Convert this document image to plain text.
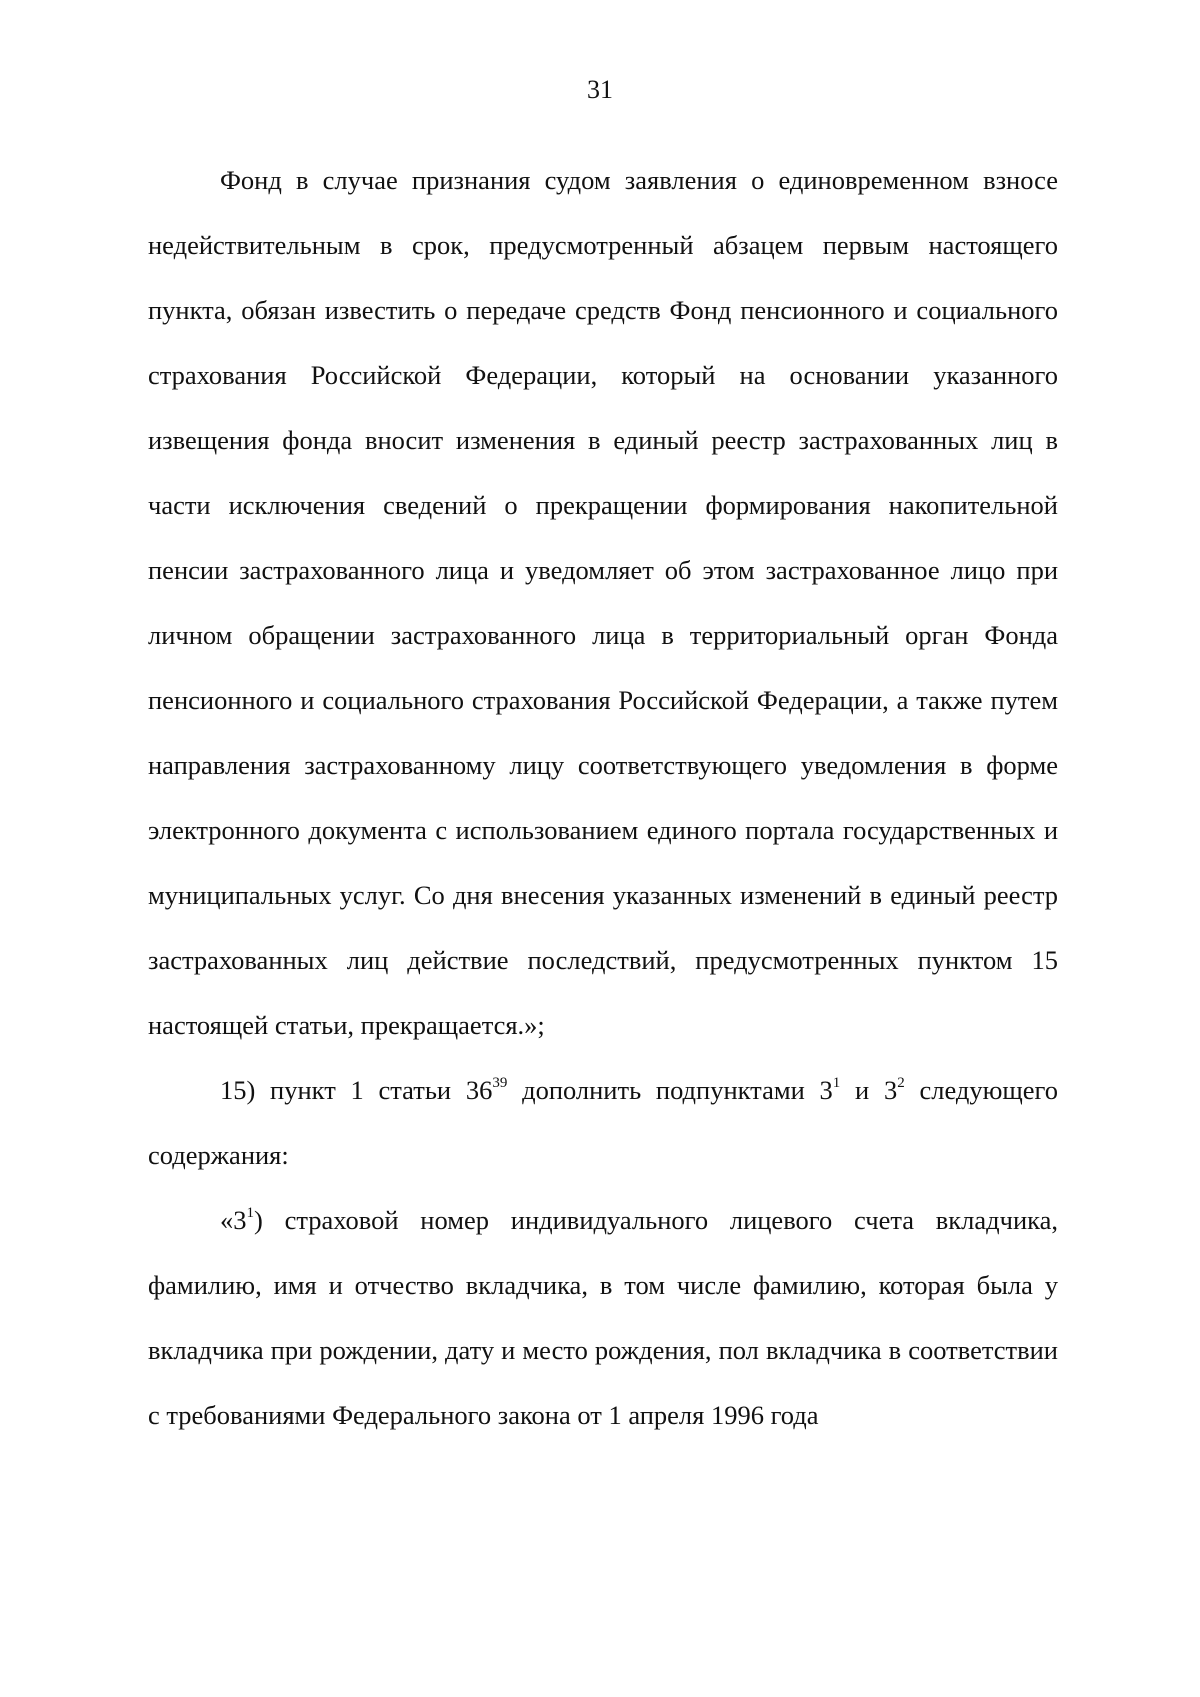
31

Фонд в случае признания судом заявления о единовременном взносе недействительным в срок, предусмотренный абзацем первым настоящего пункта, обязан известить о передаче средств Фонд пенсионного и социального страхования Российской Федерации, который на основании указанного извещения фонда вносит изменения в единый реестр застрахованных лиц в части исключения сведений о прекращении формирования накопительной пенсии застрахованного лица и уведомляет об этом застрахованное лицо при личном обращении застрахованного лица в территориальный орган Фонда пенсионного и социального страхования Российской Федерации, а также путем направления застрахованному лицу соответствующего уведомления в форме электронного документа с использованием единого портала государственных и муниципальных услуг. Со дня внесения указанных изменений в единый реестр застрахованных лиц действие последствий, предусмотренных пунктом 15 настоящей статьи, прекращается.»;

15) пункт 1 статьи $36^{39}$ дополнить подпунктами $3^1$ и $3^2$ следующего содержания:

«$3^1$) страховой номер индивидуального лицевого счета вкладчика, фамилию, имя и отчество вкладчика, в том числе фамилию, которая была у вкладчика при рождении, дату и место рождения, пол вкладчика в соответствии с требованиями Федерального закона от 1 апреля 1996 года
